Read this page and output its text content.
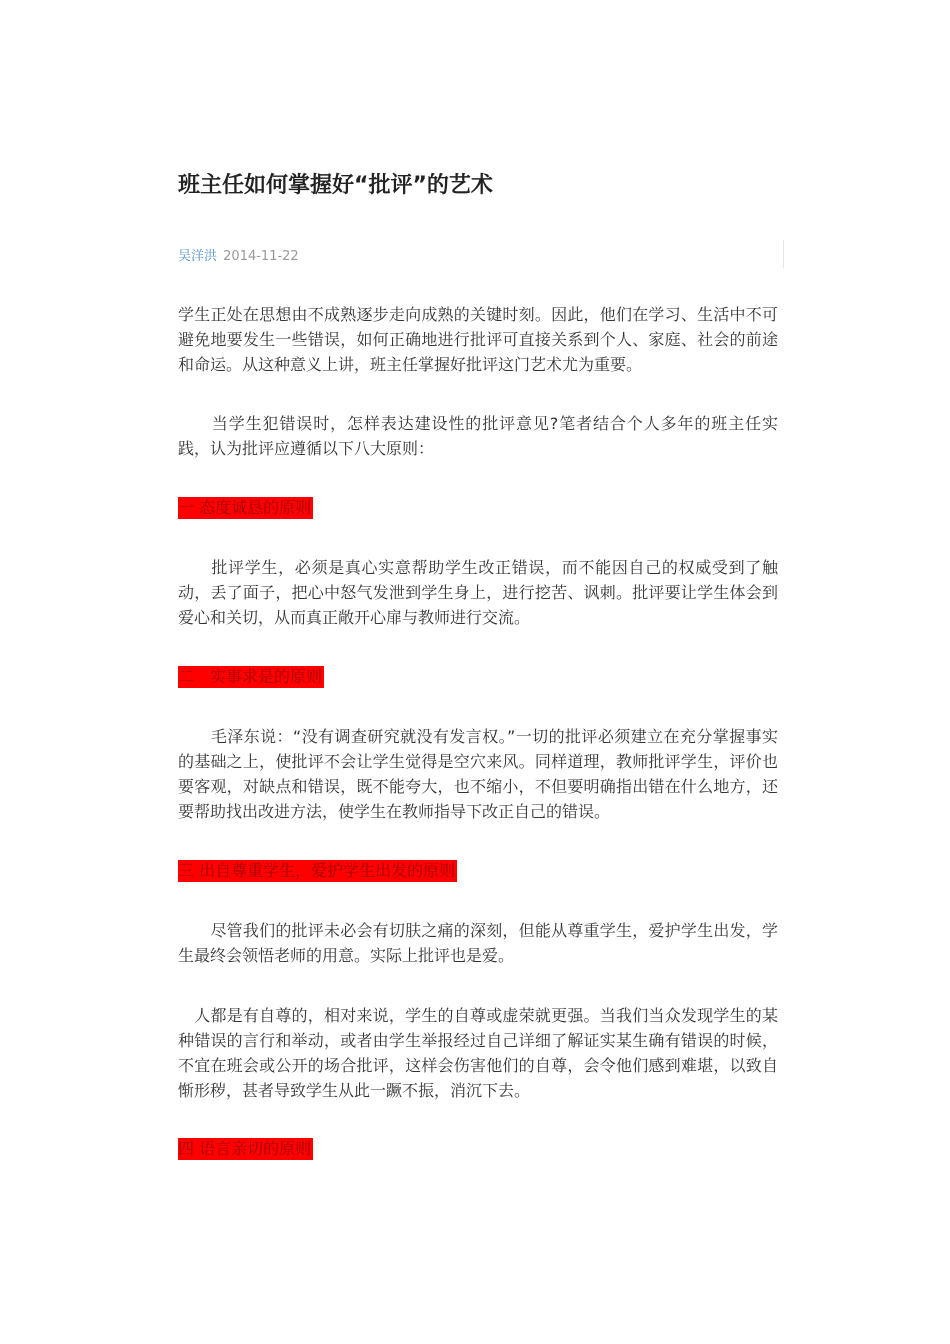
班主任如何掌握好“批评”的艺术
吴洋洪 2014-11-22

学生正处在思想由不成熟逐步走向成熟的关键时刻。因此，他们在学习、生活中不可避免地要发生一些错误，如何正确地进行批评可直接关系到个人、家庭、社会的前途和命运。从这种意义上讲，班主任掌握好批评这门艺术尤为重要。

　　当学生犯错误时，怎样表达建设性的批评意见?笔者结合个人多年的班主任实践，认为批评应遵循以下八大原则：

一 态度诚恳的原则

　　批评学生，必须是真心实意帮助学生改正错误，而不能因自己的权威受到了触动，丢了面子，把心中怒气发泄到学生身上，进行挖苦、讽刺。批评要让学生体会到爱心和关切，从而真正敞开心扉与教师进行交流。

二　实事求是的原则

　　毛泽东说：“没有调查研究就没有发言权。”一切的批评必须建立在充分掌握事实的基础之上，使批评不会让学生觉得是空穴来风。同样道理，教师批评学生，评价也要客观，对缺点和错误，既不能夸大，也不缩小，不但要明确指出错在什么地方，还要帮助找出改进方法，使学生在教师指导下改正自己的错误。

三 出自尊重学生，爱护学生出发的原则

　　尽管我们的批评未必会有切肤之痛的深刻，但能从尊重学生，爱护学生出发，学生最终会领悟老师的用意。实际上批评也是爱。

　人都是有自尊的，相对来说，学生的自尊或虚荣就更强。当我们当众发现学生的某种错误的言行和举动，或者由学生举报经过自己详细了解证实某生确有错误的时候，不宜在班会或公开的场合批评，这样会伤害他们的自尊，会令他们感到难堪，以致自惭形秽，甚者导致学生从此一蹶不振，消沉下去。

四 语言亲切的原则
